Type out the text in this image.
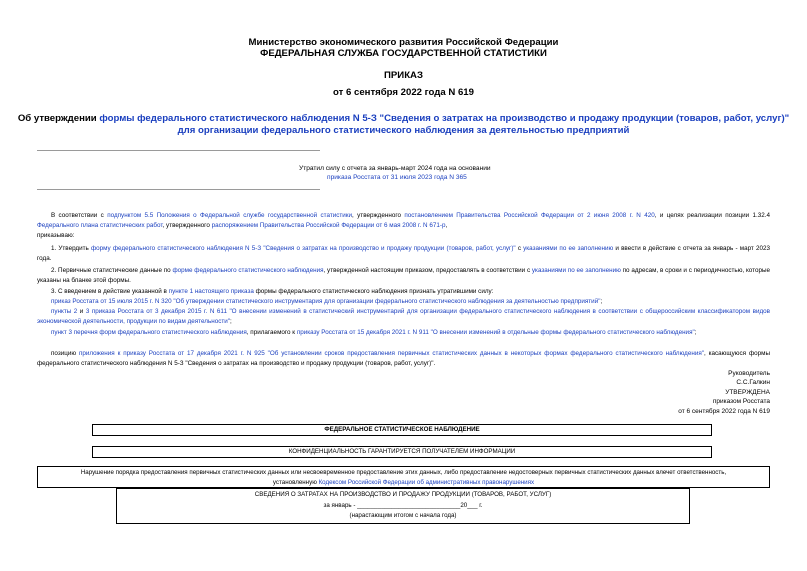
Министерство экономического развития Российской Федерации
ФЕДЕРАЛЬНАЯ СЛУЖБА ГОСУДАРСТВЕННОЙ СТАТИСТИКИ
ПРИКАЗ
от 6 сентября 2022 года N 619
Об утверждении формы федерального статистического наблюдения N 5-З "Сведения о затратах на производство и продажу продукции (товаров, работ, услуг)"
для организации федерального статистического наблюдения за деятельностью предприятий
Утратил силу с отчета за январь-март 2024 года на основании
приказа Росстата от 31 июля 2023 года N 365
В соответствии с подпунктом 5.5 Положения о Федеральной службе государственной статистики, утвержденного постановлением Правительства Российской Федерации от 2 июня 2008 г. N 420, и целях реализации позиции 1.32.4 Федерального плана статистических работ, утвержденного распоряжением Правительства Российской Федерации от 6 мая 2008 г. N 671-р,
приказываю:
1. Утвердить форму федерального статистического наблюдения N 5-З "Сведения о затратах на производство и продажу продукции (товаров, работ, услуг)" с указаниями по ее заполнению и ввести в действие с отчета за январь - март 2023 года.
2. Первичные статистические данные по форме федерального статистического наблюдения, утвержденной настоящим приказом, предоставлять в соответствии с указаниями по ее заполнению по адресам, в сроки и с периодичностью, которые указаны на бланке этой формы.
3. С введением в действие указанной в пункте 1 настоящего приказа формы федерального статистического наблюдения признать утратившими силу:
приказ Росстата от 15 июля 2015 г. N 320 "Об утверждении статистического инструментария для организации федерального статистического наблюдения за деятельностью предприятий";
пункты 2 и 3 приказа Росстата от 3 декабря 2015 г. N 611 "О внесении изменений в статистический инструментарий для организации федерального статистического наблюдения в соответствии с общероссийским классификатором видов экономической деятельности, продукции по видам деятельности";
пункт 3 перечня форм федерального статистического наблюдения, прилагаемого к приказу Росстата от 15 декабря 2021 г. N 911 "О внесении изменений в отдельные формы федерального статистического наблюдения";
позицию приложения к приказу Росстата от 17 декабря 2021 г. N 925 "Об установлении сроков предоставления первичных статистических данных в некоторых формах федерального статистического наблюдения", касающуюся формы федерального статистического наблюдения N 5-З "Сведения о затратах на производство и продажу продукции (товаров, работ, услуг)".
Руководитель
С.С.Галкин
УТВЕРЖДЕНА
приказом Росстата
от 6 сентября 2022 года N 619
ФЕДЕРАЛЬНОЕ СТАТИСТИЧЕСКОЕ НАБЛЮДЕНИЕ
КОНФИДЕНЦИАЛЬНОСТЬ ГАРАНТИРУЕТСЯ ПОЛУЧАТЕЛЕМ ИНФОРМАЦИИ
Нарушение порядка предоставления первичных статистических данных или несвоевременное предоставление этих данных, либо предоставление недостоверных первичных статистических данных влечет ответственность,
установленную Кодексом Российской Федерации об административных правонарушениях
СВЕДЕНИЯ О ЗАТРАТАХ НА ПРОИЗВОДСТВО И ПРОДАЖУ ПРОДУКЦИИ (ТОВАРОВ, РАБОТ, УСЛУГ)
за январь - ______________________________20___ г.
(нарастающим итогом с начала года)
